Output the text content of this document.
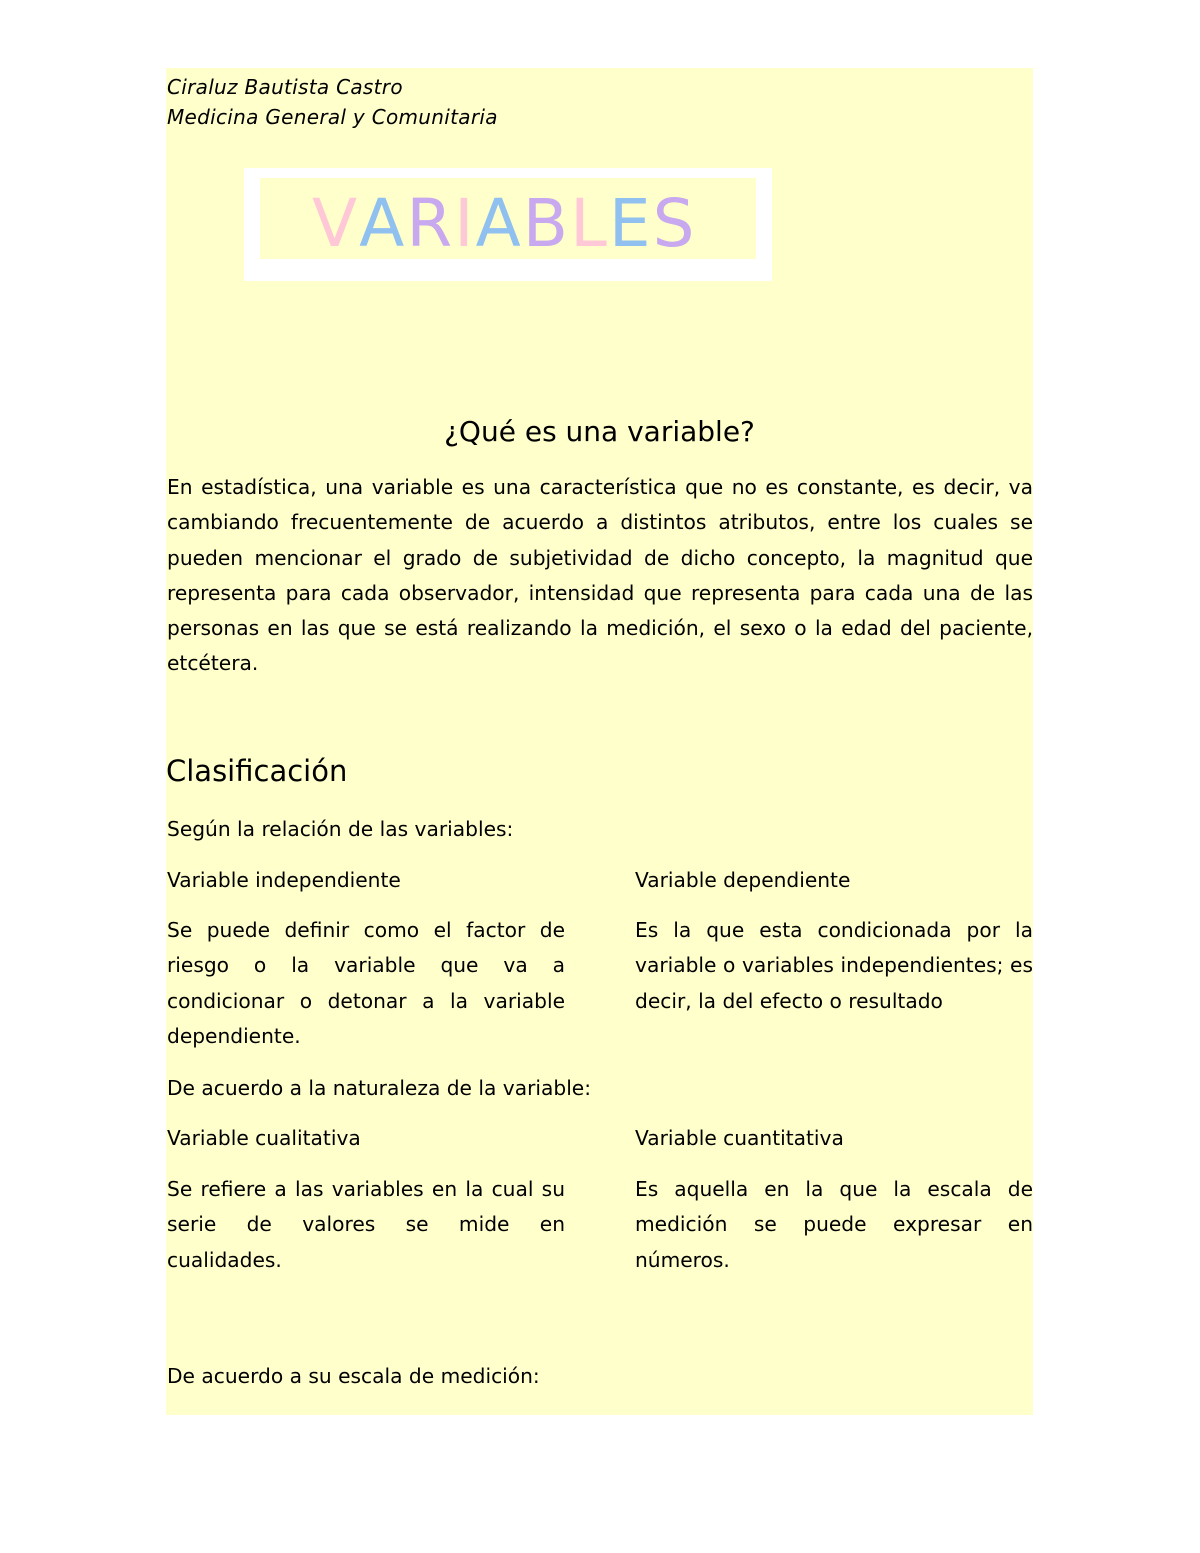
Ciraluz Bautista Castro
Medicina General y Comunitaria
VARIABLES
¿Qué es una variable?
En estadística, una variable es una característica que no es constante, es decir, va cambiando frecuentemente de acuerdo a distintos atributos, entre los cuales se pueden mencionar el grado de subjetividad de dicho concepto, la magnitud que representa para cada observador, intensidad que representa para cada una de las personas en las que se está realizando la medición, el sexo o la edad del paciente, etcétera.
Clasificación
Según la relación de las variables:
Variable independiente	Variable dependiente
Se puede definir como el factor de riesgo o la variable que va a condicionar o detonar a la variable dependiente.
Es la que esta condicionada por la variable o variables independientes; es decir, la del efecto o resultado
De acuerdo a la naturaleza de la variable:
Variable cualitativa	Variable cuantitativa
Se refiere a las variables en la cual su serie de valores se mide en cualidades.
Es aquella en la que la escala de medición se puede expresar en números.
De acuerdo a su escala de medición:
